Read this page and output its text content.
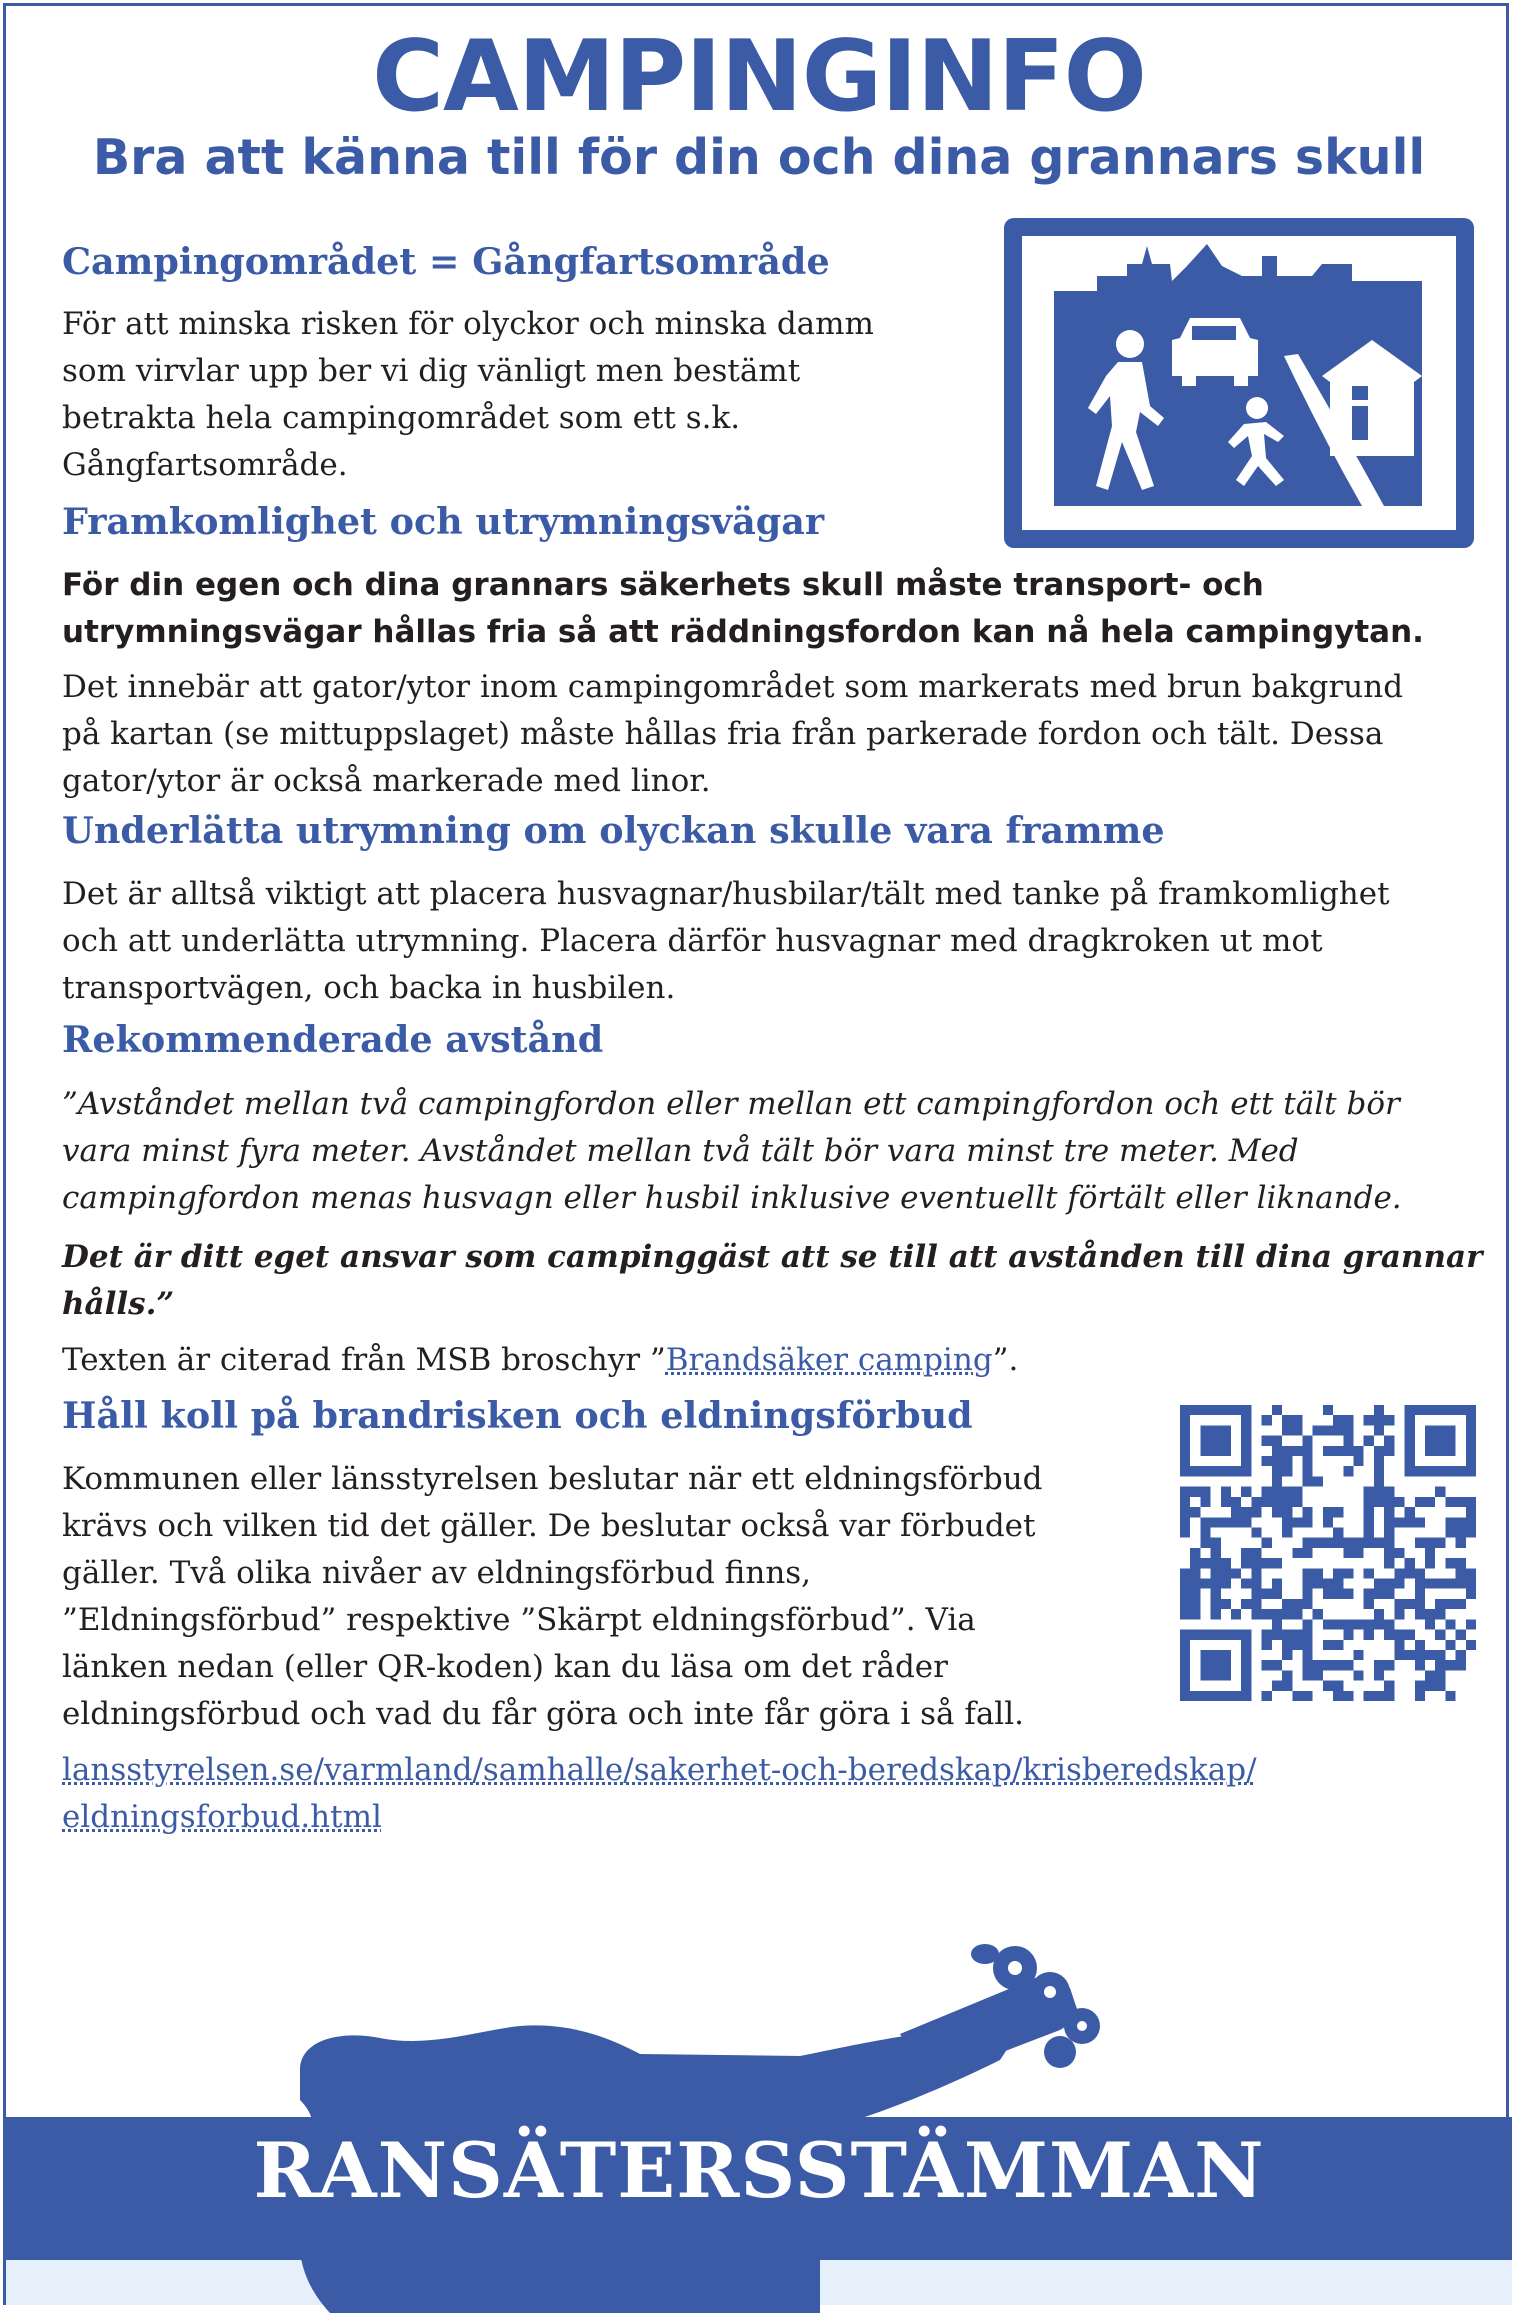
CAMPINGINFO
Bra att känna till för din och dina grannars skull
Campingområdet = Gångfartsområde
För att minska risken för olyckor och minska damm
som virvlar upp ber vi dig vänligt men bestämt
betrakta hela campingområdet som ett s.k.
Gångfartsområde.
Framkomlighet och utrymningsvägar
För din egen och dina grannars säkerhets skull måste transport- och
utrymningsvägar hållas fria så att räddningsfordon kan nå hela campingytan.
Det innebär att gator/ytor inom campingområdet som markerats med brun bakgrund
på kartan (se mittuppslaget) måste hållas fria från parkerade fordon och tält. Dessa
gator/ytor är också markerade med linor.
Underlätta utrymning om olyckan skulle vara framme
Det är alltså viktigt att placera husvagnar/husbilar/tält med tanke på framkomlighet
och att underlätta utrymning. Placera därför husvagnar med dragkroken ut mot
transportvägen, och backa in husbilen.
Rekommenderade avstånd
”Avståndet mellan två campingfordon eller mellan ett campingfordon och ett tält bör
vara minst fyra meter. Avståndet mellan två tält bör vara minst tre meter. Med
campingfordon menas husvagn eller husbil inklusive eventuellt förtält eller liknande.
Det är ditt eget ansvar som campinggäst att se till att avstånden till dina grannar
hålls.”
Texten är citerad från MSB broschyr ”Brandsäker camping”.
Håll koll på brandrisken och eldningsförbud
Kommunen eller länsstyrelsen beslutar när ett eldningsförbud
krävs och vilken tid det gäller. De beslutar också var förbudet
gäller. Två olika nivåer av eldningsförbud finns,
”Eldningsförbud” respektive ”Skärpt eldningsförbud”. Via
länken nedan (eller QR-koden) kan du läsa om det råder
eldningsförbud och vad du får göra och inte får göra i så fall.
lansstyrelsen.se/varmland/samhalle/sakerhet-och-beredskap/krisberedskap/
eldningsforbud.html
RANSÄTERSSTÄMMAN
